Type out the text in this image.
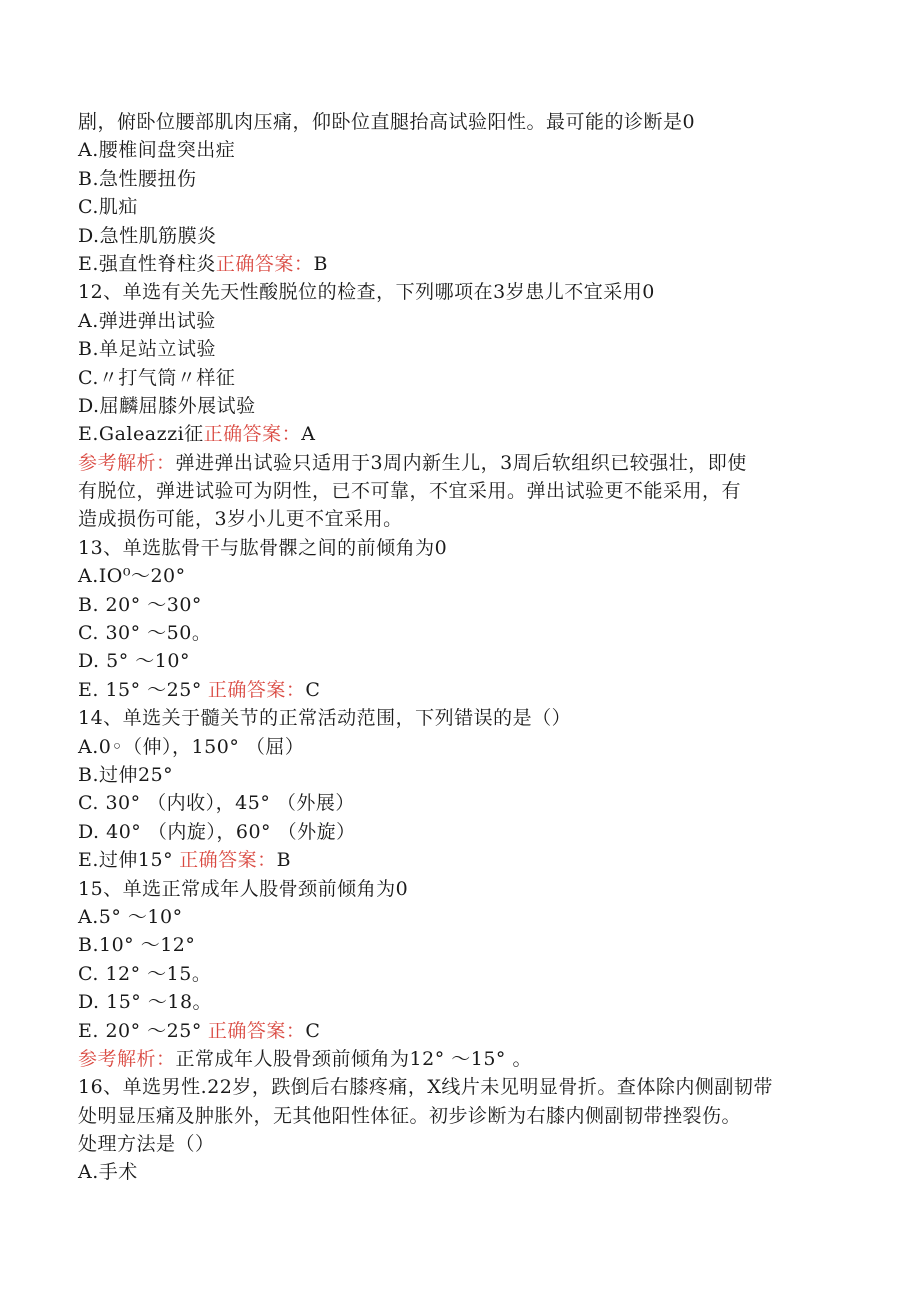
剧，俯卧位腰部肌肉压痛，仰卧位直腿抬高试验阳性。最可能的诊断是0
A.腰椎间盘突出症
B.急性腰扭伤
C.肌疝
D.急性肌筋膜炎
E.强直性脊柱炎正确答案：B
12、单选有关先天性酸脱位的检查，下列哪项在3岁患儿不宜采用0
A.弹进弹出试验
B.单足站立试验
C.〃打气筒〃样征
D.屈麟屈膝外展试验
E.Galeazzi征正确答案：A
参考解析：弹进弹出试验只适用于3周内新生儿，3周后软组织已较强壮，即使
有脱位，弹进试验可为阴性，已不可靠，不宜采用。弹出试验更不能采用，有
造成损伤可能，3岁小儿更不宜采用。
13、单选肱骨干与肱骨髁之间的前倾角为0
A.IO⁰～20°
B. 20° ～30°
C. 30° ～50。
D. 5° ～10°
E. 15° ～25° 正确答案：C
14、单选关于髓关节的正常活动范围，下列错误的是（）
A.0◦（伸），150° （屈）
B.过伸25°
C. 30° （内收），45° （外展）
D. 40° （内旋），60° （外旋）
E.过伸15° 正确答案：B
15、单选正常成年人股骨颈前倾角为0
A.5° ～10°
B.10° ～12°
C. 12° ～15。
D. 15° ～18。
E. 20° ～25° 正确答案：C
参考解析：正常成年人股骨颈前倾角为12° ～15° 。
16、单选男性.22岁，跌倒后右膝疼痛，X线片未见明显骨折。查体除内侧副韧带
处明显压痛及肿胀外，无其他阳性体征。初步诊断为右膝内侧副韧带挫裂伤。
处理方法是（）
A.手术
